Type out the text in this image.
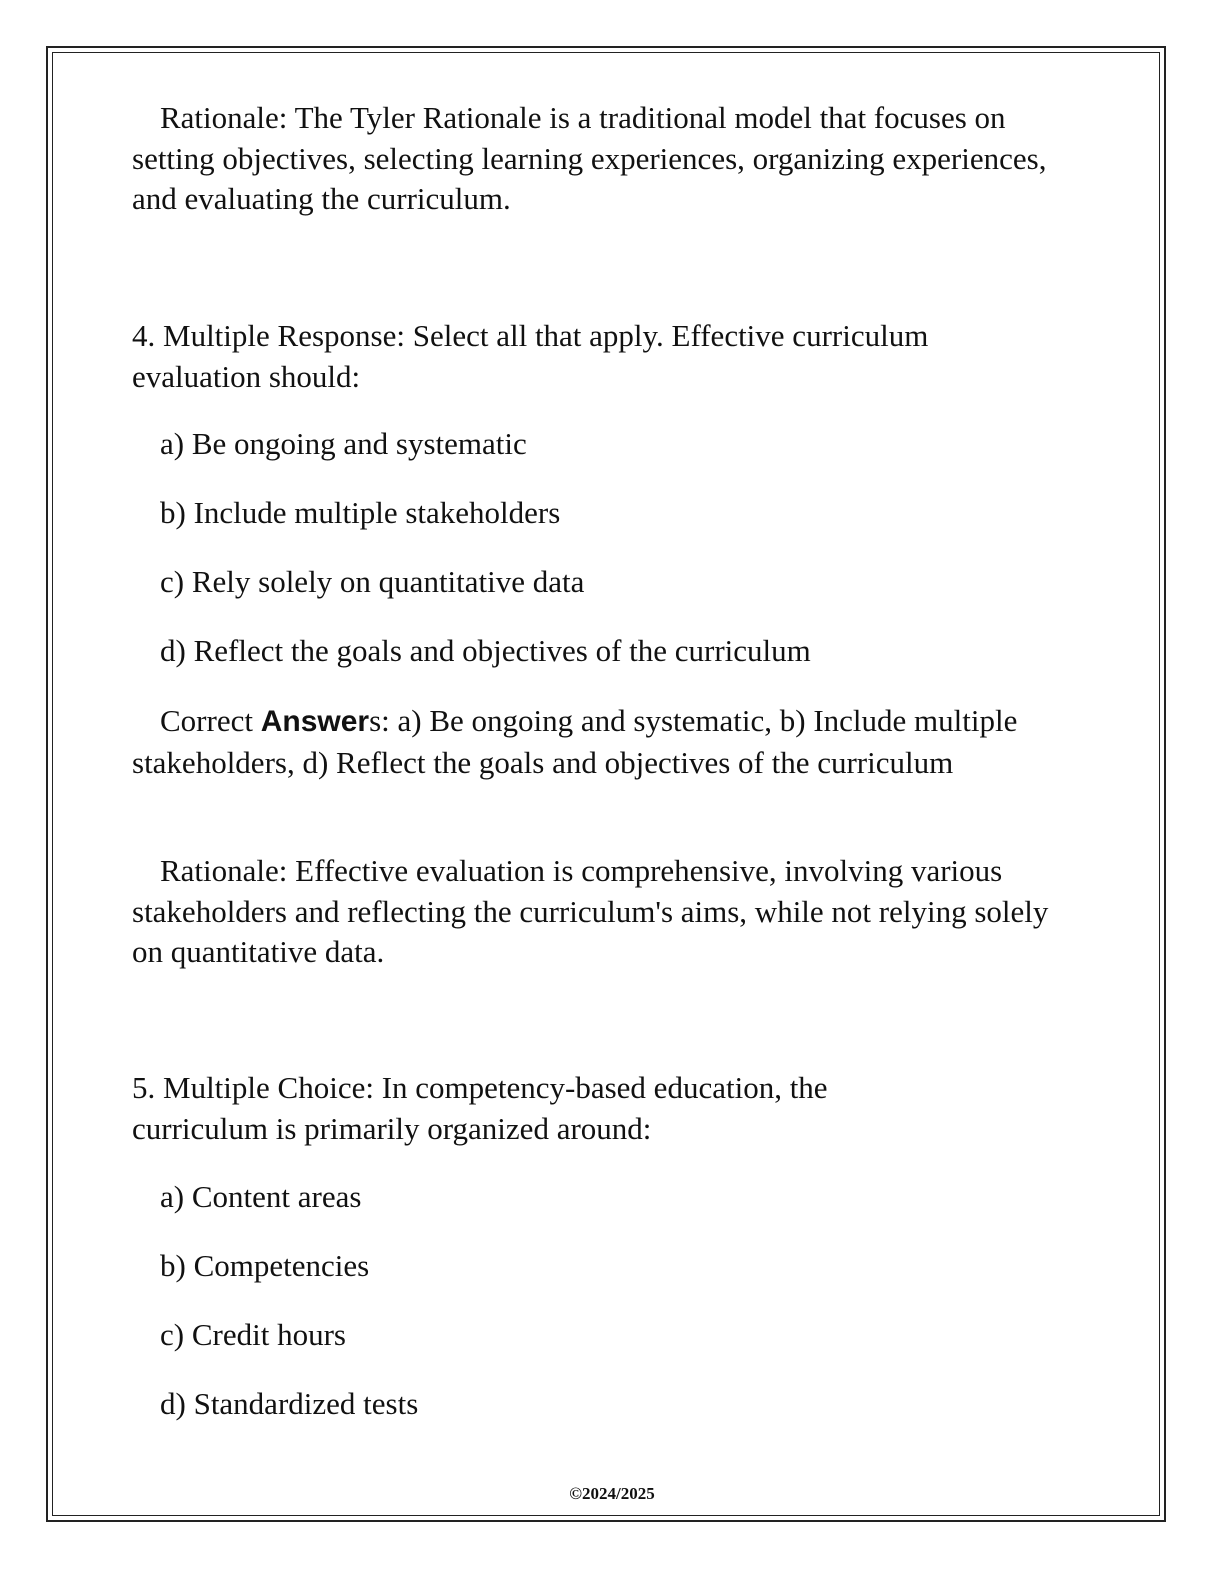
Rationale: The Tyler Rationale is a traditional model that focuses on setting objectives, selecting learning experiences, organizing experiences, and evaluating the curriculum.

4. Multiple Response: Select all that apply. Effective curriculum evaluation should:

a) Be ongoing and systematic
b) Include multiple stakeholders
c) Rely solely on quantitative data
d) Reflect the goals and objectives of the curriculum

Correct Answers: a) Be ongoing and systematic, b) Include multiple stakeholders, d) Reflect the goals and objectives of the curriculum

Rationale: Effective evaluation is comprehensive, involving various stakeholders and reflecting the curriculum's aims, while not relying solely on quantitative data.

5. Multiple Choice: In competency-based education, the curriculum is primarily organized around:

a) Content areas
b) Competencies
c) Credit hours
d) Standardized tests
©2024/2025
